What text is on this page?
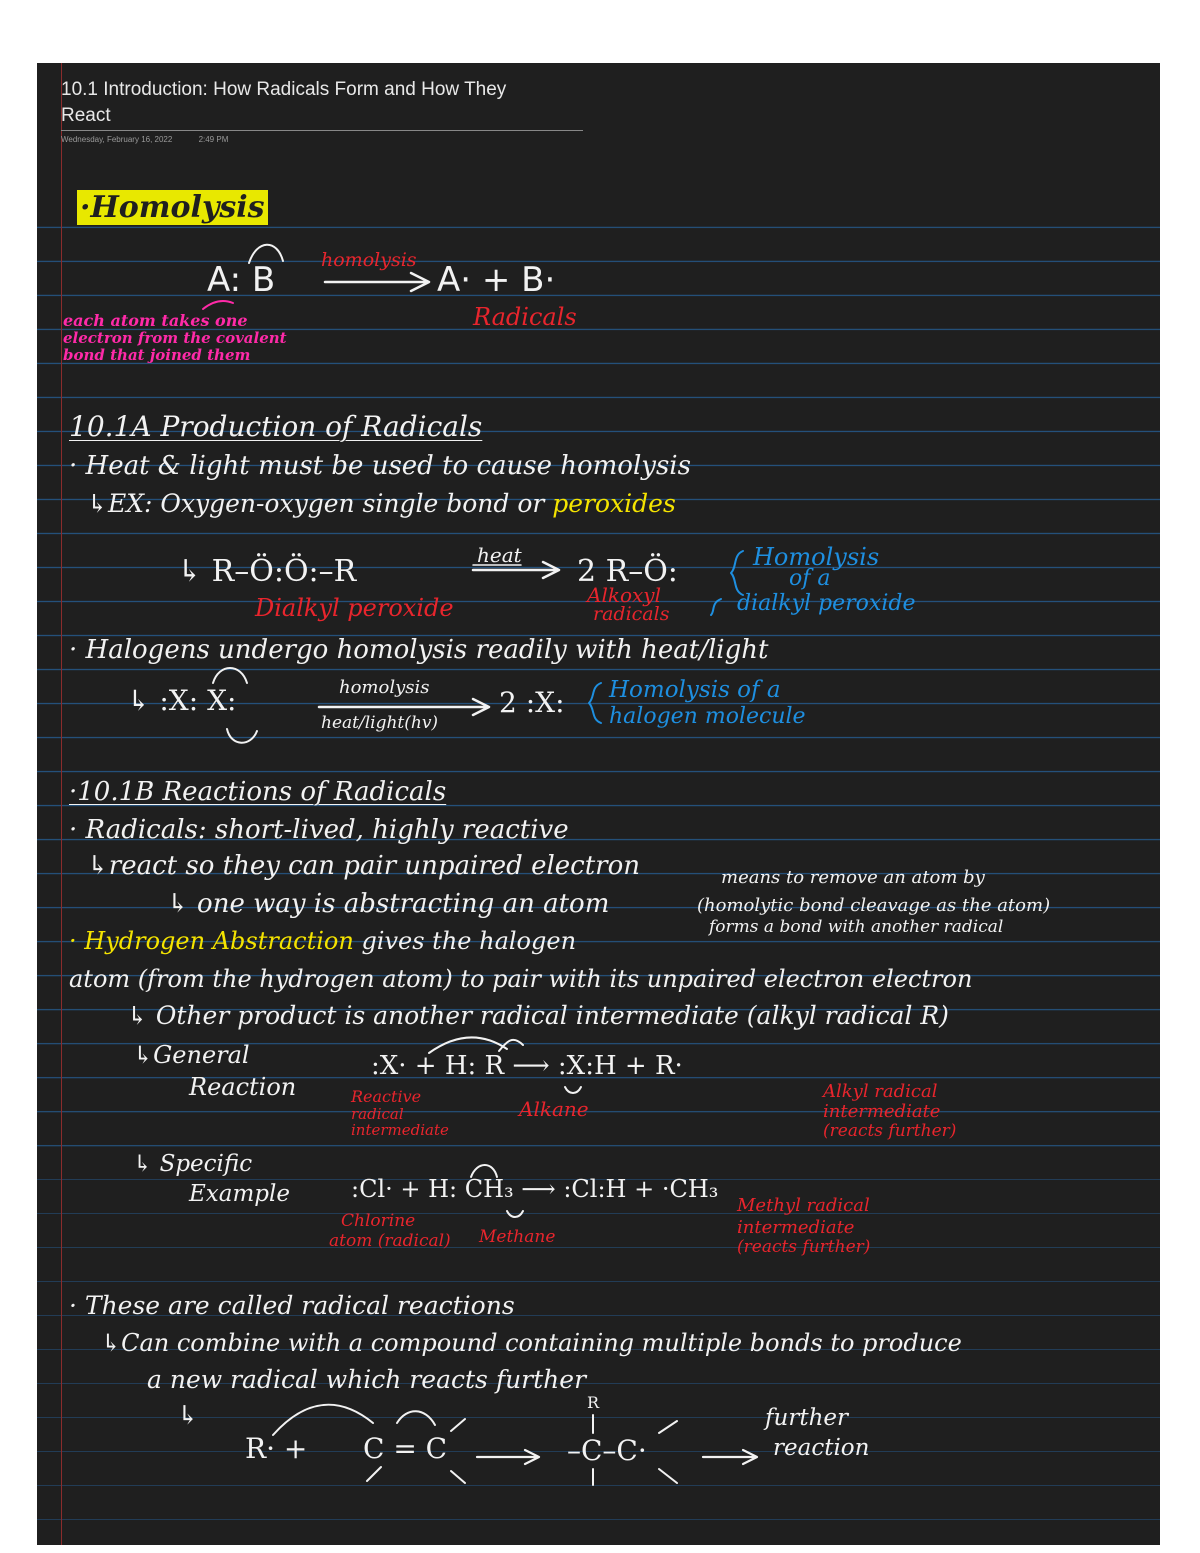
10.1 Introduction: How Radicals Form and How They React
Wednesday, February 16, 2022	2:49 PM
·Homolysis
A: B homolysis A· + B·
Radicals
each atom takes one
electron from the covalent
bond that joined them
10.1A Production of Radicals
· Heat & light must be used to cause homolysis
↳EX: Oxygen-oxygen single bond or peroxides
↳ R–Ö:Ö:–R	heat 2 R–Ö:
Dialkyl peroxide	Alkoxyl
radicals
Homolysis
of a
dialkyl peroxide
· Halogens undergo homolysis readily with heat/light
↳ :X: X:	homolysis
heat/light(hv)
2 :X: Homolysis of a
halogen molecule
·10.1B Reactions of Radicals
· Radicals: short-lived, highly reactive
↳react so they can pair unpaired electron
↳ one way is abstracting an atom
means to remove an atom by
(homolytic bond cleavage as the atom)
forms a bond with another radical
· Hydrogen Abstraction gives the halogen
atom (from the hydrogen atom) to pair with its unpaired electron electron
↳ Other product is another radical intermediate (alkyl radical R)
↳General
Reaction
:X· + H: R ⟶ :X:H + R·
Reactive
radical
intermediate
Alkane
Alkyl radical
intermediate
(reacts further)
↳ Specific
Example	:Cl· + H: CH₃ ⟶ :Cl:H + ·CH₃
Chlorine
atom (radical) Methane
Methyl radical
intermediate
(reacts further)
· These are called radical reactions
↳Can combine with a compound containing multiple bonds to produce
a new radical which reacts further
↳
R· + C = C	–C–C·
R
further
reaction
